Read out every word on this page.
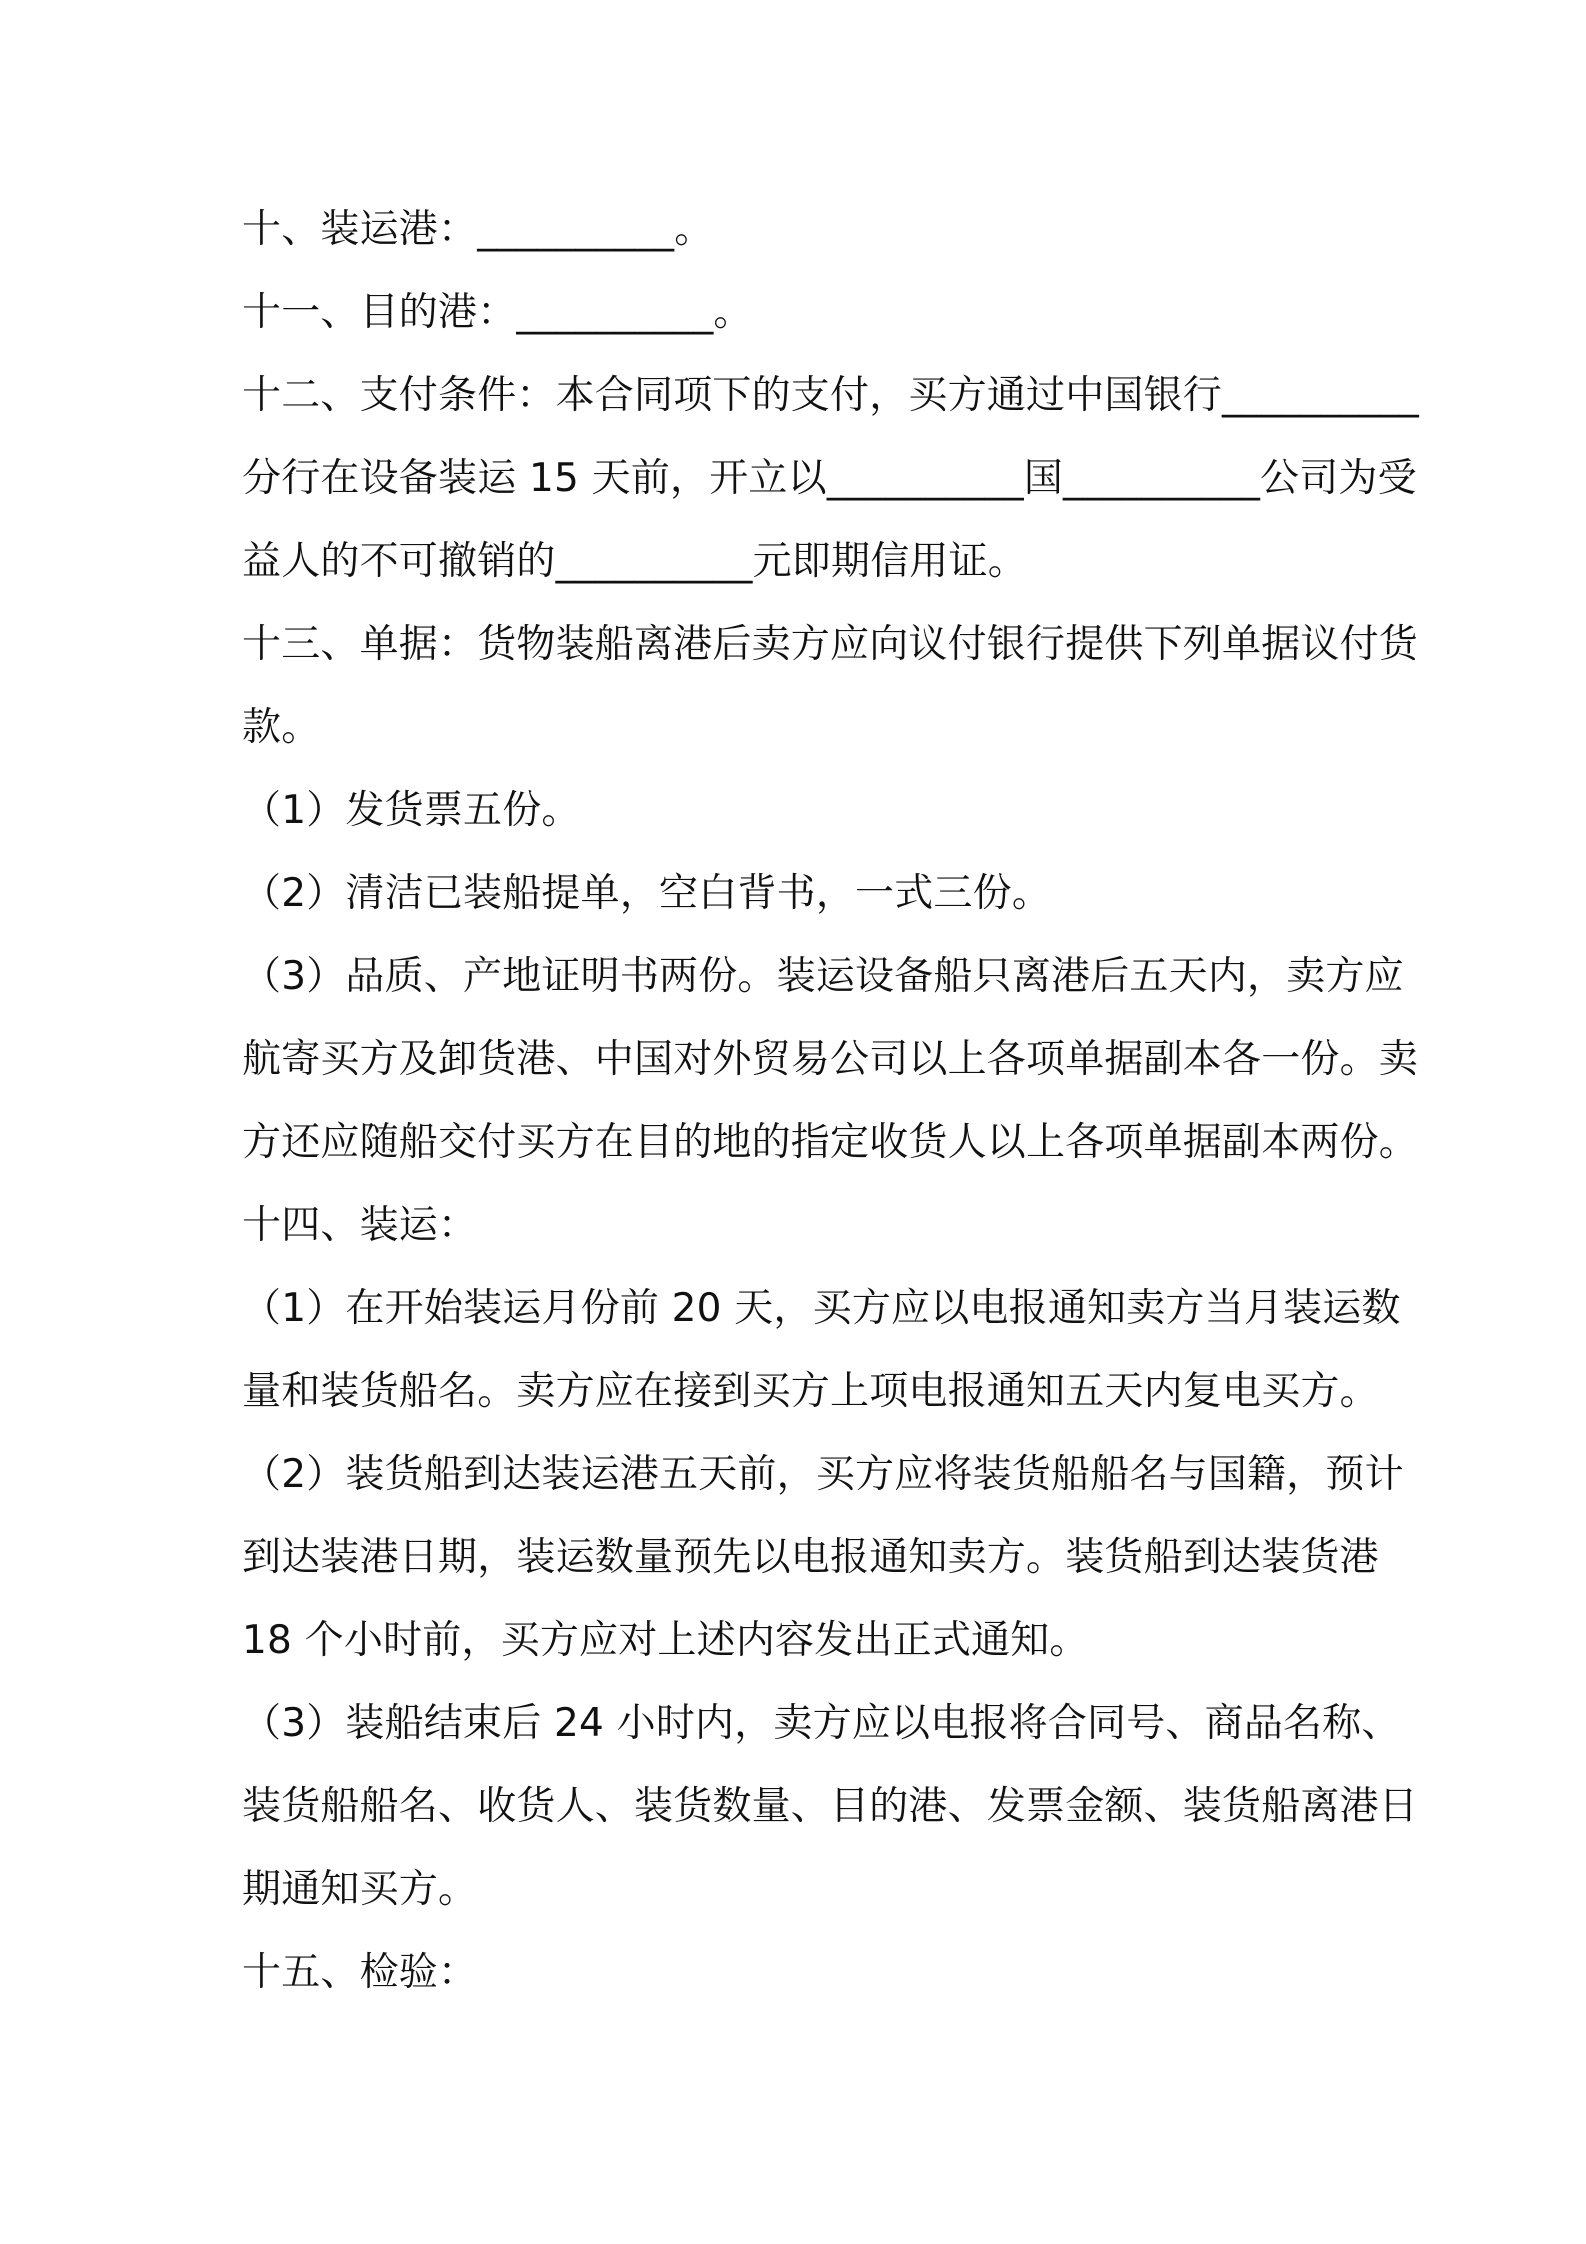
十、装运港：__________。
十一、目的港：__________。
十二、支付条件：本合同项下的支付，买方通过中国银行__________
分行在设备装运 15 天前，开立以__________国__________公司为受
益人的不可撤销的__________元即期信用证。
十三、单据：货物装船离港后卖方应向议付银行提供下列单据议付货
款。
（1）发货票五份。
（2）清洁已装船提单，空白背书，一式三份。
（3）品质、产地证明书两份。装运设备船只离港后五天内，卖方应
航寄买方及卸货港、中国对外贸易公司以上各项单据副本各一份。卖
方还应随船交付买方在目的地的指定收货人以上各项单据副本两份。
十四、装运：
（1）在开始装运月份前 20 天，买方应以电报通知卖方当月装运数
量和装货船名。卖方应在接到买方上项电报通知五天内复电买方。
（2）装货船到达装运港五天前，买方应将装货船船名与国籍，预计
到达装港日期，装运数量预先以电报通知卖方。装货船到达装货港
18 个小时前，买方应对上述内容发出正式通知。
（3）装船结束后 24 小时内，卖方应以电报将合同号、商品名称、
装货船船名、收货人、装货数量、目的港、发票金额、装货船离港日
期通知买方。
十五、检验：
